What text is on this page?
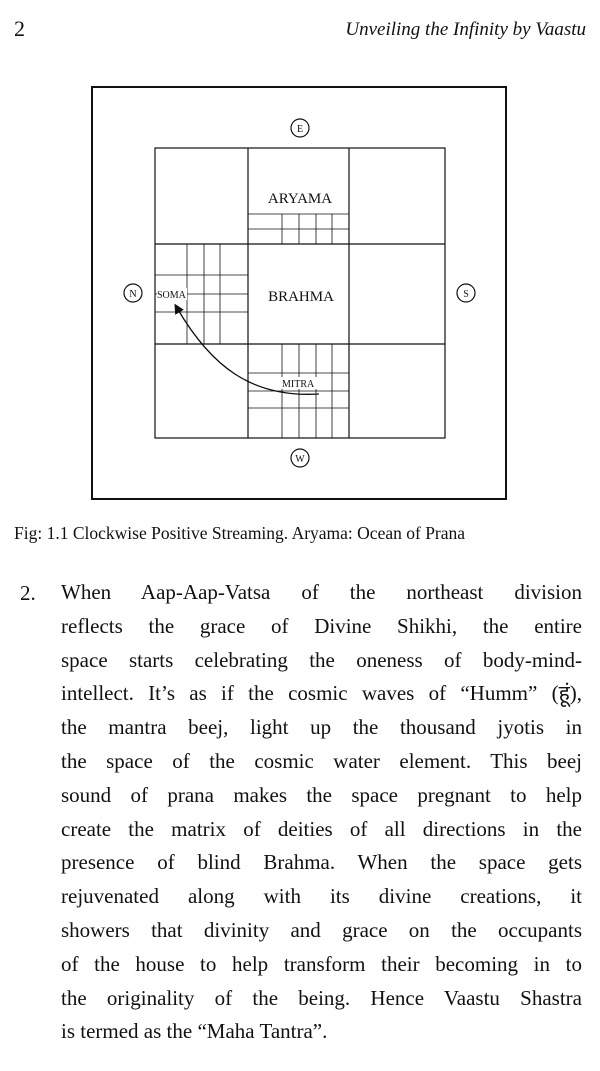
2	Unveiling the Infinity by Vaastu
E
N	S
W
ARYAMA
BRAHMA
SOMA
MITRA
Fig: 1.1 Clockwise Positive Streaming. Aryama: Ocean of Prana
2. When Aap-Aap-Vatsa of the northeast division
reflects the grace of Divine Shikhi, the entire
space starts celebrating the oneness of body-mind-
intellect. It’s as if the cosmic waves of “Humm” (हूं),
the mantra beej, light up the thousand jyotis in
the space of the cosmic water element. This beej
sound of prana makes the space pregnant to help
create the matrix of deities of all directions in the
presence of blind Brahma. When the space gets
rejuvenated along with its divine creations, it
showers that divinity and grace on the occupants
of the house to help transform their becoming in to
the originality of the being. Hence Vaastu Shastra
is termed as the “Maha Tantra”.
